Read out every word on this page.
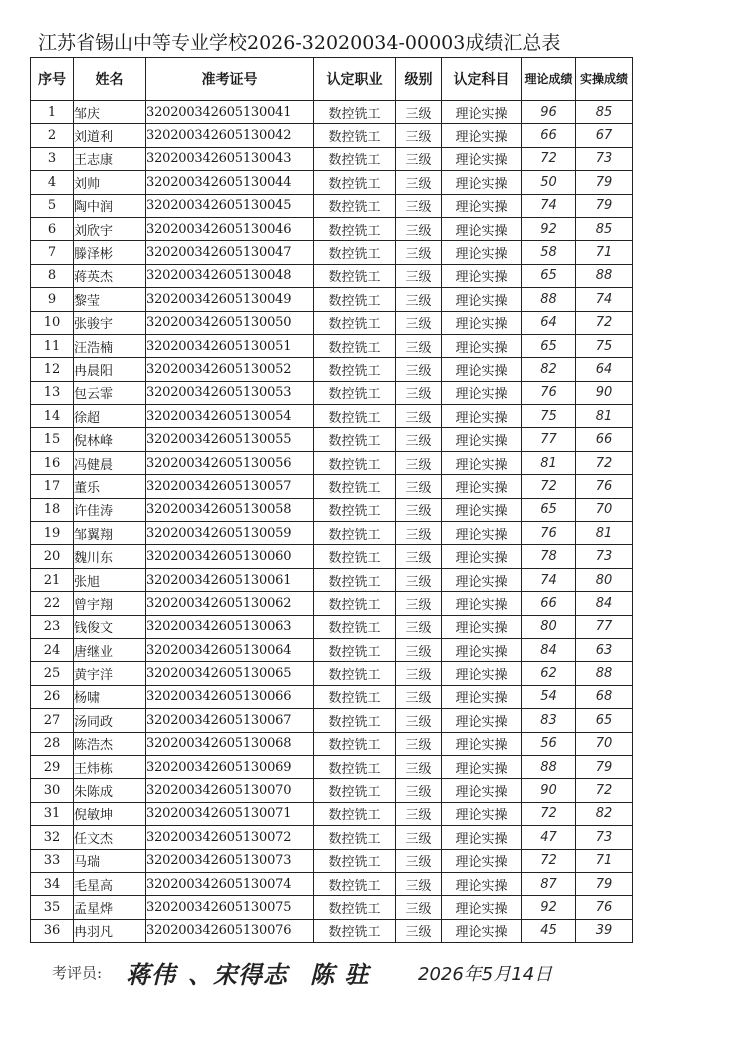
江苏省锡山中等专业学校2026-32020034-00003成绩汇总表
序号	姓名	准考证号	认定职业	级别	认定科目	理论成绩	实操成绩
1	邹庆	320200342605130041	数控铣工	三级	理论实操	96	85
2	刘道利	320200342605130042	数控铣工	三级	理论实操	66	67
3	王志康	320200342605130043	数控铣工	三级	理论实操	72	73
4	刘帅	320200342605130044	数控铣工	三级	理论实操	50	79
5	陶中润	320200342605130045	数控铣工	三级	理论实操	74	79
6	刘欣宇	320200342605130046	数控铣工	三级	理论实操	92	85
7	滕泽彬	320200342605130047	数控铣工	三级	理论实操	58	71
8	蒋英杰	320200342605130048	数控铣工	三级	理论实操	65	88
9	黎莹	320200342605130049	数控铣工	三级	理论实操	88	74
10	张骏宇	320200342605130050	数控铣工	三级	理论实操	64	72
11	汪浩楠	320200342605130051	数控铣工	三级	理论实操	65	75
12	冉晨阳	320200342605130052	数控铣工	三级	理论实操	82	64
13	包云霏	320200342605130053	数控铣工	三级	理论实操	76	90
14	徐超	320200342605130054	数控铣工	三级	理论实操	75	81
15	倪林峰	320200342605130055	数控铣工	三级	理论实操	77	66
16	冯健晨	320200342605130056	数控铣工	三级	理论实操	81	72
17	董乐	320200342605130057	数控铣工	三级	理论实操	72	76
18	许佳涛	320200342605130058	数控铣工	三级	理论实操	65	70
19	邹翼翔	320200342605130059	数控铣工	三级	理论实操	76	81
20	魏川东	320200342605130060	数控铣工	三级	理论实操	78	73
21	张旭	320200342605130061	数控铣工	三级	理论实操	74	80
22	曾宇翔	320200342605130062	数控铣工	三级	理论实操	66	84
23	钱俊文	320200342605130063	数控铣工	三级	理论实操	80	77
24	唐继业	320200342605130064	数控铣工	三级	理论实操	84	63
25	黄宇洋	320200342605130065	数控铣工	三级	理论实操	62	88
26	杨啸	320200342605130066	数控铣工	三级	理论实操	54	68
27	汤同政	320200342605130067	数控铣工	三级	理论实操	83	65
28	陈浩杰	320200342605130068	数控铣工	三级	理论实操	56	70
29	王炜栋	320200342605130069	数控铣工	三级	理论实操	88	79
30	朱陈成	320200342605130070	数控铣工	三级	理论实操	90	72
31	倪敏坤	320200342605130071	数控铣工	三级	理论实操	72	82
32	任文杰	320200342605130072	数控铣工	三级	理论实操	47	73
33	马瑞	320200342605130073	数控铣工	三级	理论实操	72	71
34	毛星高	320200342605130074	数控铣工	三级	理论实操	87	79
35	孟星烨	320200342605130075	数控铣工	三级	理论实操	92	76
36	冉羽凡	320200342605130076	数控铣工	三级	理论实操	45	39
考评员: 蒋伟 、宋得志 陈 驻	2026年5月14日
